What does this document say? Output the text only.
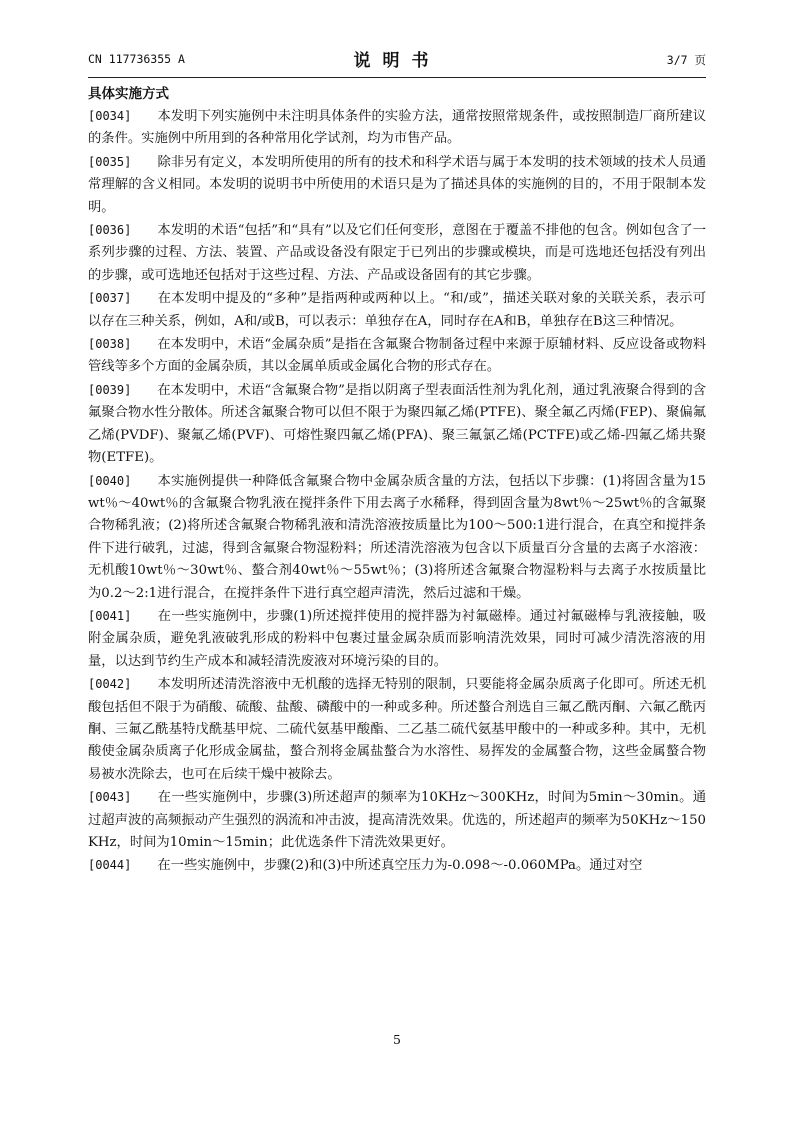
CN 117736355 A	说明书	3/7 页
具体实施方式

[0034] 本发明下列实施例中未注明具体条件的实验方法，通常按照常规条件，或按照制造厂商所建议的条件。实施例中所用到的各种常用化学试剂，均为市售产品。

[0035] 除非另有定义，本发明所使用的所有的技术和科学术语与属于本发明的技术领域的技术人员通常理解的含义相同。本发明的说明书中所使用的术语只是为了描述具体的实施例的目的，不用于限制本发明。

[0036] 本发明的术语“包括”和“具有”以及它们任何变形，意图在于覆盖不排他的包含。例如包含了一系列步骤的过程、方法、装置、产品或设备没有限定于已列出的步骤或模块，而是可选地还包括没有列出的步骤，或可选地还包括对于这些过程、方法、产品或设备固有的其它步骤。

[0037] 在本发明中提及的“多种”是指两种或两种以上。“和/或”，描述关联对象的关联关系，表示可以存在三种关系，例如，A和/或B，可以表示：单独存在A，同时存在A和B，单独存在B这三种情况。

[0038] 在本发明中，术语“金属杂质”是指在含氟聚合物制备过程中来源于原辅材料、反应设备或物料管线等多个方面的金属杂质，其以金属单质或金属化合物的形式存在。

[0039] 在本发明中，术语“含氟聚合物”是指以阴离子型表面活性剂为乳化剂，通过乳液聚合得到的含氟聚合物水性分散体。所述含氟聚合物可以但不限于为聚四氟乙烯(PTFE)、聚全氟乙丙烯(FEP)、聚偏氟乙烯(PVDF)、聚氟乙烯(PVF)、可熔性聚四氟乙烯(PFA)、聚三氟氯乙烯(PCTFE)或乙烯-四氟乙烯共聚物(ETFE)。

[0040] 本实施例提供一种降低含氟聚合物中金属杂质含量的方法，包括以下步骤：(1)将固含量为15wt％～40wt％的含氟聚合物乳液在搅拌条件下用去离子水稀释，得到固含量为8wt％～25wt％的含氟聚合物稀乳液；(2)将所述含氟聚合物稀乳液和清洗溶液按质量比为100～500:1进行混合，在真空和搅拌条件下进行破乳，过滤，得到含氟聚合物湿粉料；所述清洗溶液为包含以下质量百分含量的去离子水溶液：无机酸10wt％～30wt％、螯合剂40wt％～55wt％；(3)将所述含氟聚合物湿粉料与去离子水按质量比为0.2～2:1进行混合，在搅拌条件下进行真空超声清洗，然后过滤和干燥。

[0041] 在一些实施例中，步骤(1)所述搅拌使用的搅拌器为衬氟磁棒。通过衬氟磁棒与乳液接触，吸附金属杂质，避免乳液破乳形成的粉料中包裹过量金属杂质而影响清洗效果，同时可减少清洗溶液的用量，以达到节约生产成本和减轻清洗废液对环境污染的目的。

[0042] 本发明所述清洗溶液中无机酸的选择无特别的限制，只要能将金属杂质离子化即可。所述无机酸包括但不限于为硝酸、硫酸、盐酸、磷酸中的一种或多种。所述螯合剂选自三氟乙酰丙酮、六氟乙酰丙酮、三氟乙酰基特戊酰基甲烷、二硫代氨基甲酸酯、二乙基二硫代氨基甲酸中的一种或多种。其中，无机酸使金属杂质离子化形成金属盐，螯合剂将金属盐螯合为水溶性、易挥发的金属螯合物，这些金属螯合物易被水洗除去，也可在后续干燥中被除去。

[0043] 在一些实施例中，步骤(3)所述超声的频率为10KHz～300KHz，时间为5min～30min。通过超声波的高频振动产生强烈的涡流和冲击波，提高清洗效果。优选的，所述超声的频率为50KHz～150KHz，时间为10min～15min；此优选条件下清洗效果更好。

[0044] 在一些实施例中，步骤(2)和(3)中所述真空压力为-0.098～-0.060MPa。通过对空

5
